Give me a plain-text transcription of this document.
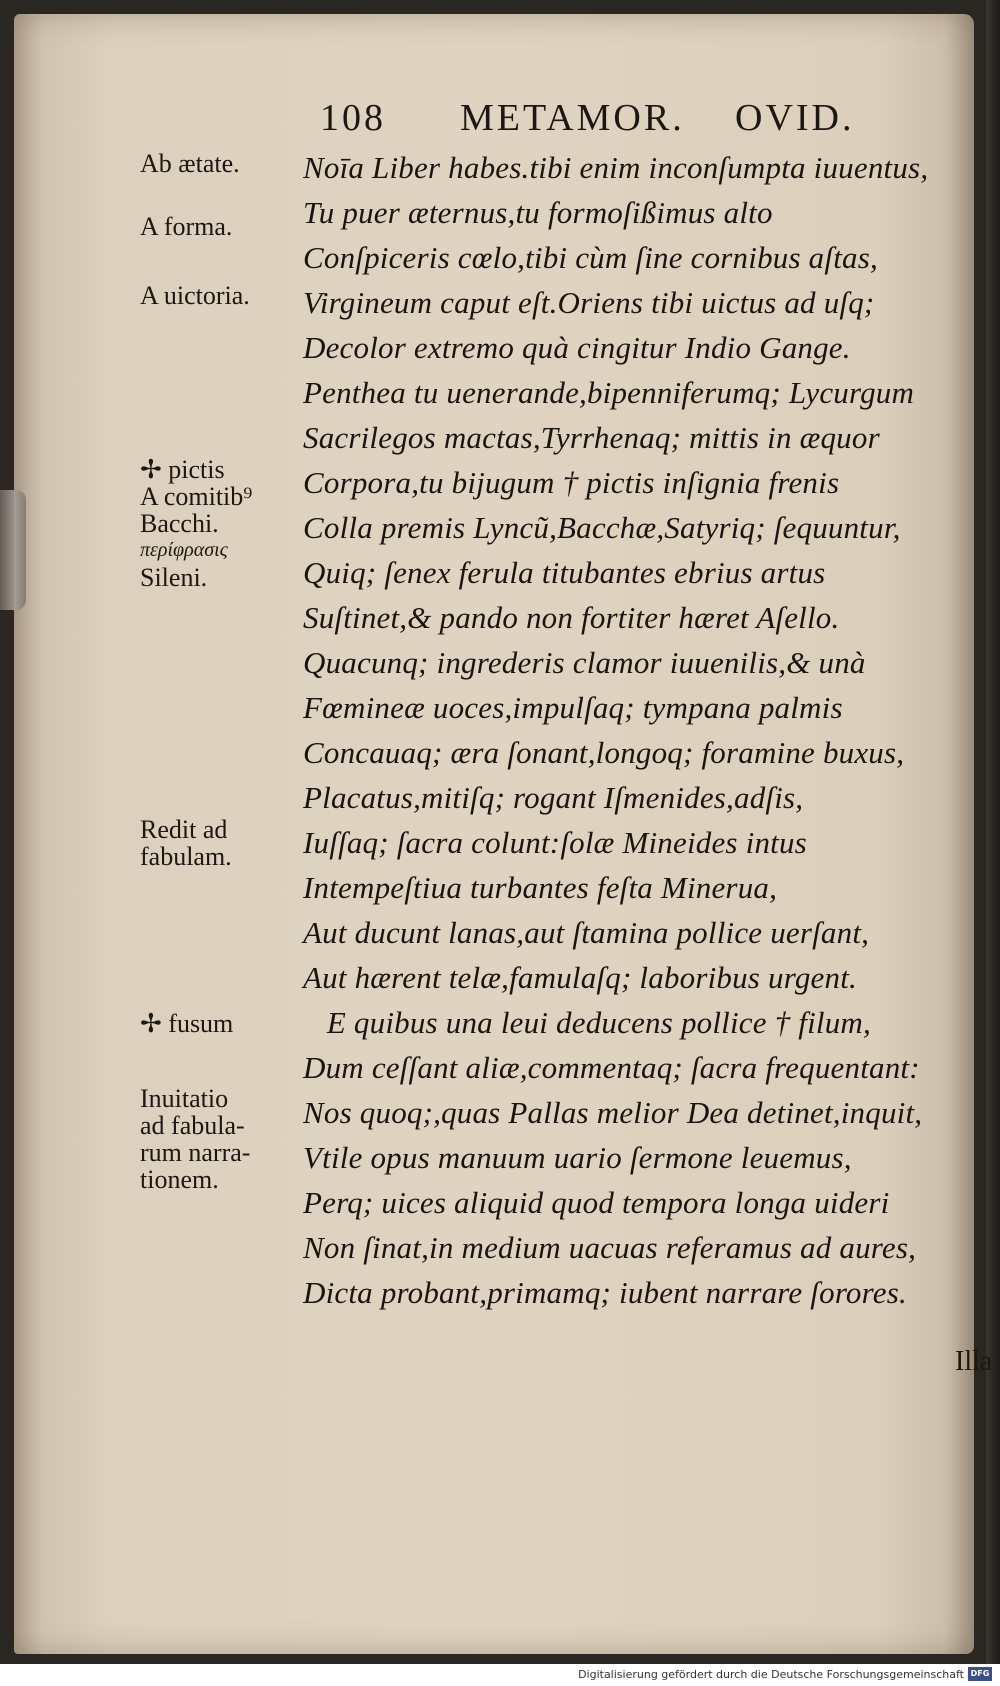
108 METAMOR. OVID.
Ab ætate.
A forma.
A uictoria.
✢ pictis
A comitib⁹
Bacchi.
περίφρασις
Sileni.
Redit ad
fabulam.
✢ fusum
Inuitatio
ad fabula-
rum narra-
tionem.
Noīa Liber habes.tibi enim inconſumpta iuuentus,
Tu puer æternus,tu formoſißimus alto
Conſpiceris cœlo,tibi cùm ſine cornibus aſtas,
Virgineum caput eſt.Oriens tibi uictus ad uſq;
Decolor extremo quà cingitur Indio Gange.
Penthea tu uenerande,bipenniferumq; Lycurgum
Sacrilegos mactas,Tyrrhenaq; mittis in æquor
Corpora,tu bijugum † pictis inſignia frenis
Colla premis Lyncũ,Bacchæ,Satyriq; ſequuntur,
Quiq; ſenex ferula titubantes ebrius artus
Suſtinet,& pando non fortiter hæret Aſello.
Quacunq; ingrederis clamor iuuenilis,& unà
Fœmineæ uoces,impulſaq; tympana palmis
Concauaq; æra ſonant,longoq; foramine buxus,
Placatus,mitiſq; rogant Iſmenides,adſis,
Iuſſaq; ſacra colunt:ſolæ Mineides intus
Intempeſtiua turbantes feſta Mineruа,
Aut ducunt lanas,aut ſtamina pollice uerſant,
Aut hærent telæ,famulaſq; laboribus urgent.
E quibus una leui deducens pollice † filum,
Dum ceſſant aliæ,commentaq; ſacra frequentant:
Nos quoq;,quas Pallas melior Dea detinet,inquit,
Vtile opus manuum uario ſermone leuemus,
Perq; uices aliquid quod tempora longa uideri
Non ſinat,in medium uacuas referamus ad aures,
Dicta probant,primamq; iubent narrare ſorores.
Illa
Digitalisierung gefördert durch die Deutsche Forschungsgemeinschaft DFG
